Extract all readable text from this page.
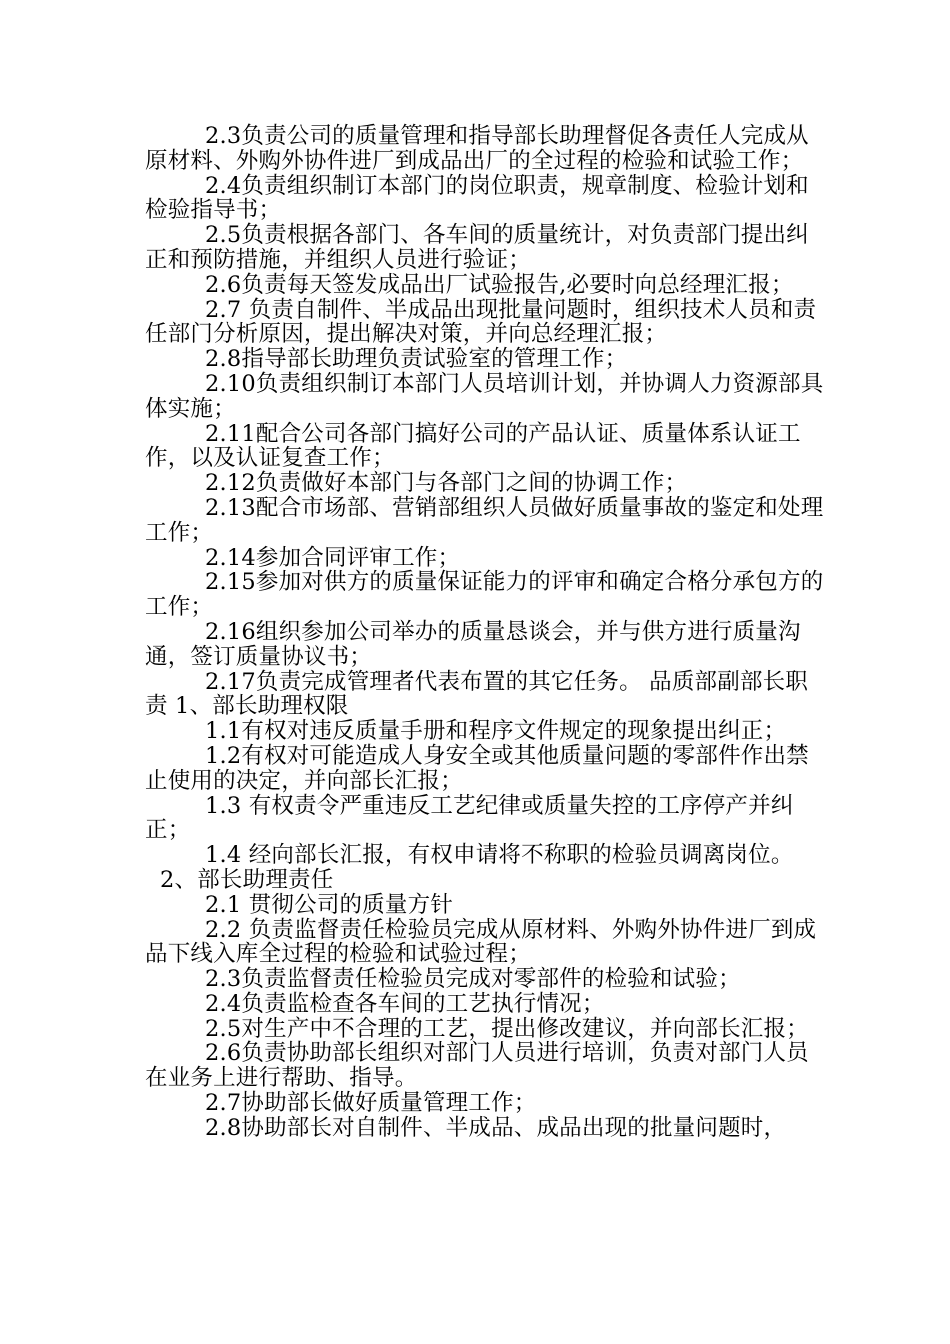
2.3负责公司的质量管理和指导部长助理督促各责任人完成从原材料、外购外协件进厂到成品出厂的全过程的检验和试验工作；

2.4负责组织制订本部门的岗位职责，规章制度、检验计划和检验指导书；

2.5负责根据各部门、各车间的质量统计，对负责部门提出纠正和预防措施，并组织人员进行验证；

2.6负责每天签发成品出厂试验报告,必要时向总经理汇报；

2.7 负责自制件、半成品出现批量问题时，组织技术人员和责任部门分析原因，提出解决对策，并向总经理汇报；

2.8指导部长助理负责试验室的管理工作；

2.10负责组织制订本部门人员培训计划，并协调人力资源部具体实施；

2.11配合公司各部门搞好公司的产品认证、质量体系认证工作，以及认证复查工作；

2.12负责做好本部门与各部门之间的协调工作；

2.13配合市场部、营销部组织人员做好质量事故的鉴定和处理工作；

2.14参加合同评审工作；

2.15参加对供方的质量保证能力的评审和确定合格分承包方的工作；

2.16组织参加公司举办的质量恳谈会，并与供方进行质量沟通，签订质量协议书；

2.17负责完成管理者代表布置的其它任务。 品质部副部长职责 1、部长助理权限

1.1有权对违反质量手册和程序文件规定的现象提出纠正；

1.2有权对可能造成人身安全或其他质量问题的零部件作出禁止使用的决定，并向部长汇报；

1.3 有权责令严重违反工艺纪律或质量失控的工序停产并纠正；

1.4 经向部长汇报，有权申请将不称职的检验员调离岗位。

2、部长助理责任

2.1 贯彻公司的质量方针

2.2 负责监督责任检验员完成从原材料、外购外协件进厂到成品下线入库全过程的检验和试验过程；

2.3负责监督责任检验员完成对零部件的检验和试验；

2.4负责监检查各车间的工艺执行情况；

2.5对生产中不合理的工艺，提出修改建议，并向部长汇报；

2.6负责协助部长组织对部门人员进行培训，负责对部门人员在业务上进行帮助、指导。

2.7协助部长做好质量管理工作；

2.8协助部长对自制件、半成品、成品出现的批量问题时，
